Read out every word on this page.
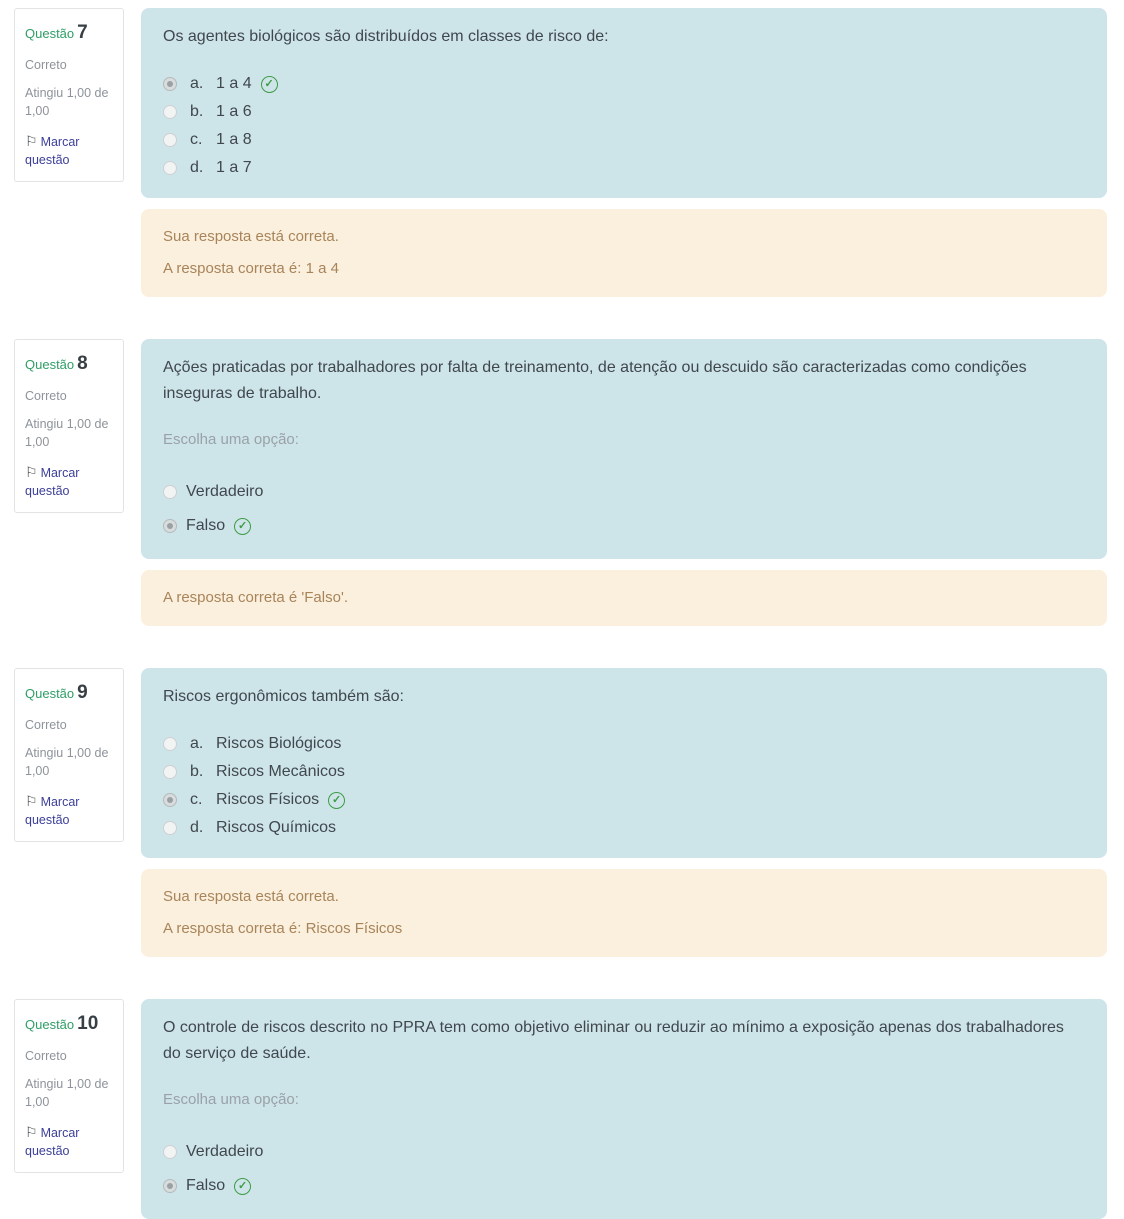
Questão 7
Correto
Atingiu 1,00 de 1,00
⚐ Marcar questão
Os agentes biológicos são distribuídos em classes de risco de:
a. 1 a 4	✓
b. 1 a 6
c. 1 a 8
d. 1 a 7

Sua resposta está correta.

A resposta correta é: 1 a 4

Questão 8
Correto
Atingiu 1,00 de 1,00
⚐ Marcar questão
Ações praticadas por trabalhadores por falta de treinamento, de atenção ou descuido são caracterizadas como condições inseguras de trabalho.
Escolha uma opção:
Verdadeiro
Falso	✓

A resposta correta é 'Falso'.

Questão 9
Correto
Atingiu 1,00 de 1,00
⚐ Marcar questão
Riscos ergonômicos também são:
a. Riscos Biológicos
b. Riscos Mecânicos
c. Riscos Físicos	✓
d. Riscos Químicos

Sua resposta está correta.

A resposta correta é: Riscos Físicos

Questão 10
Correto
Atingiu 1,00 de 1,00
⚐ Marcar questão
O controle de riscos descrito no PPRA tem como objetivo eliminar ou reduzir ao mínimo a exposição apenas dos trabalhadores do serviço de saúde.
Escolha uma opção:
Verdadeiro
Falso	✓
